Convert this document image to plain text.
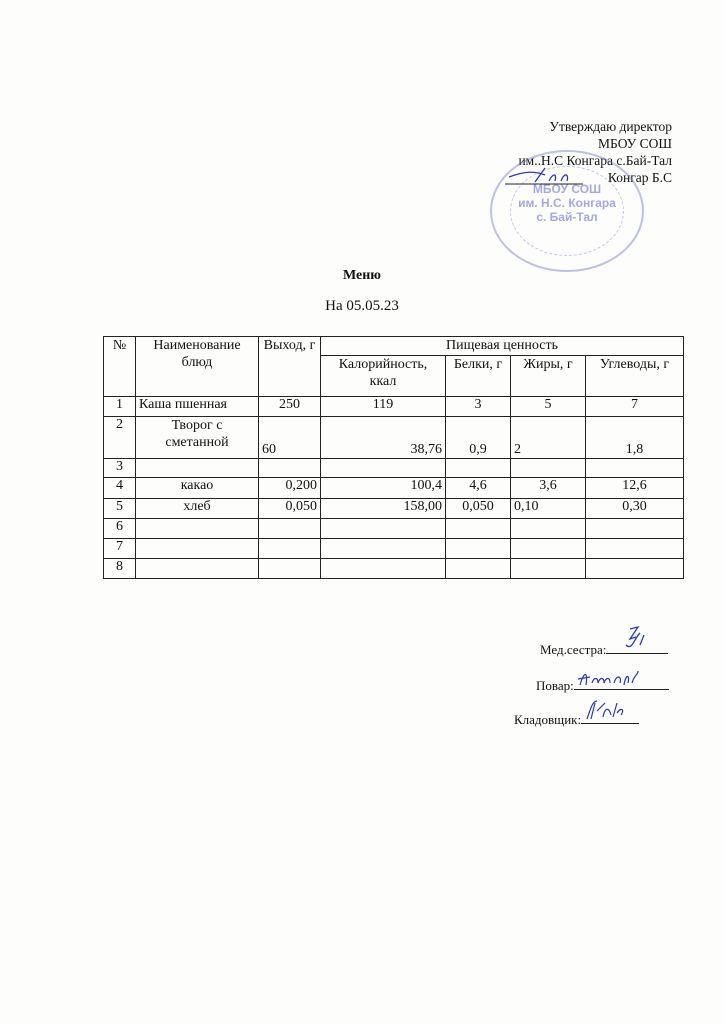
Утверждаю директор
МБОУ СОШ
им..Н.С Конгара с.Бай-Тал
Конгар Б.С
МБОУ СОШ
им. Н.С. Конгара
с. Бай-Тал
Меню
На 05.05.23
№	Наименование блюд	Выход, г	Пищевая ценность			
			Калорийность, ккал	Белки, г	Жиры, г	Углеводы, г
1	Каша пшенная	250	119	3	5	7
2	Творог с сметанной	60	38,76	0,9	2	1,8
3						
4	какао	0,200	100,4	4,6	3,6	12,6
5	хлеб	0,050	158,00	0,050	0,10	0,30
6						
7						
8						
Мед.сестра:
Повар:
Кладовщик:
